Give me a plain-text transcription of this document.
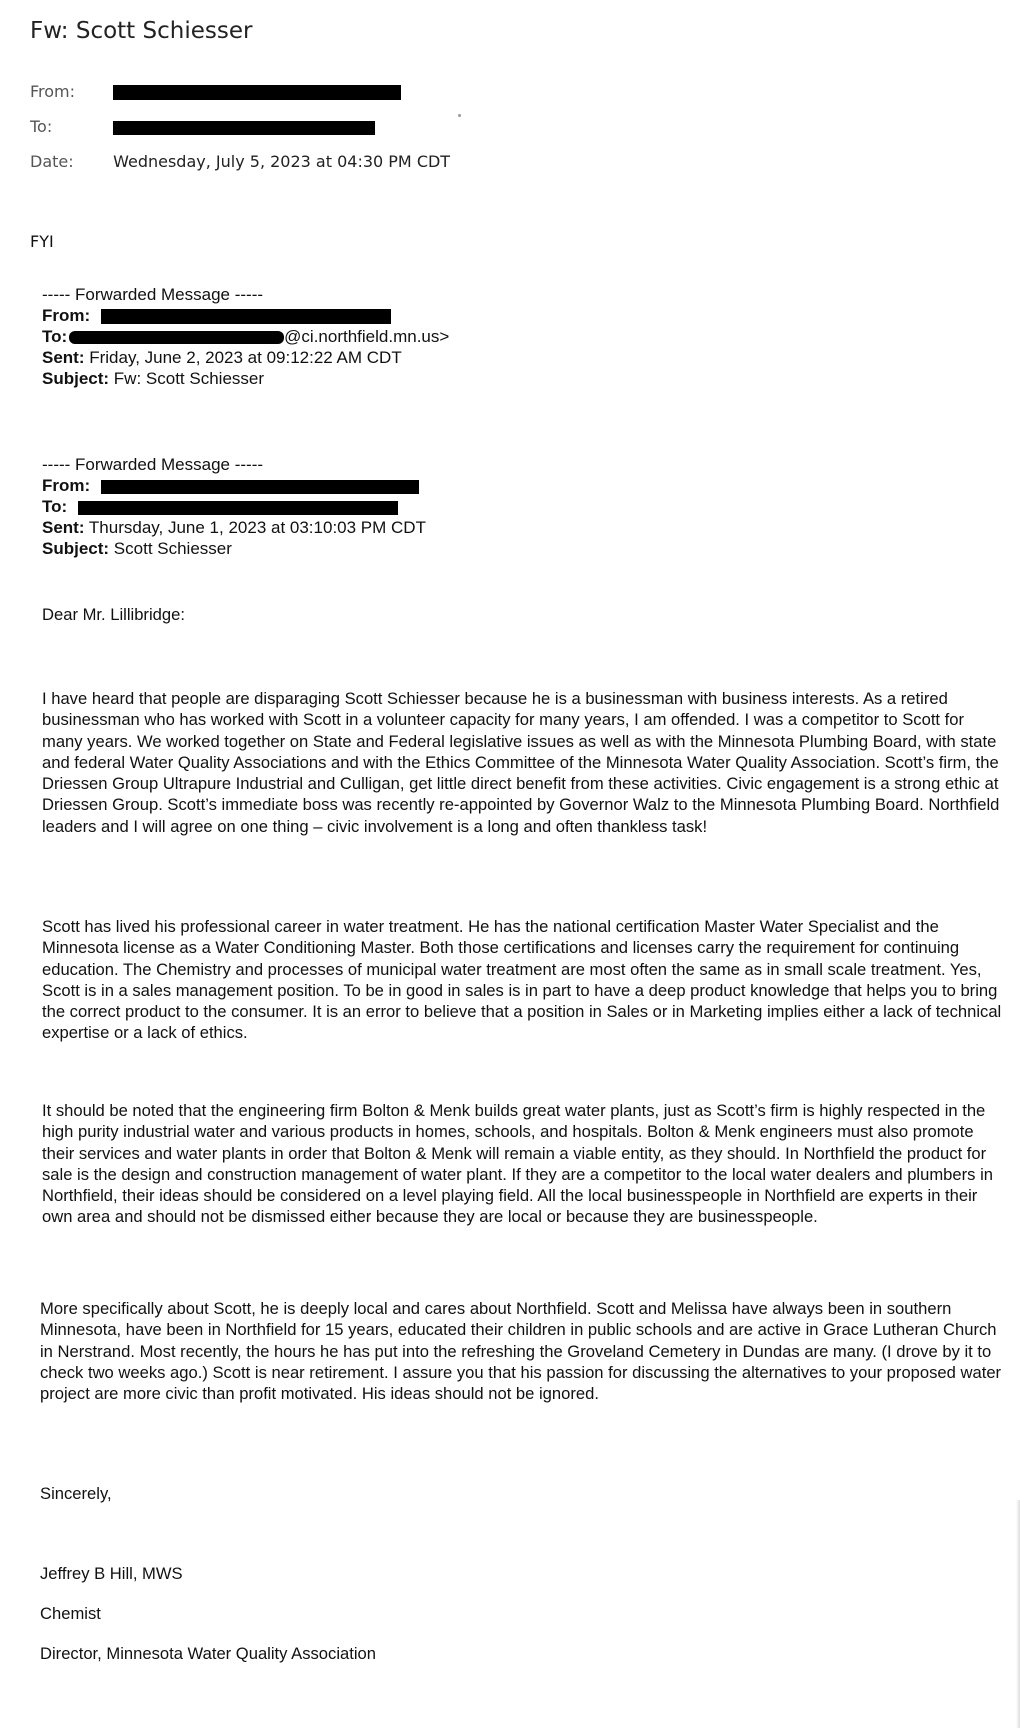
Fw: Scott Schiesser
From:
To:
Date: Wednesday, July 5, 2023 at 04:30 PM CDT
FYI
----- Forwarded Message -----
From:
To:	@ci.northfield.mn.us>
Sent: Friday, June 2, 2023 at 09:12:22 AM CDT
Subject: Fw: Scott Schiesser
----- Forwarded Message -----
From:
To:
Sent: Thursday, June 1, 2023 at 03:10:03 PM CDT
Subject: Scott Schiesser
Dear Mr. Lillibridge:
I have heard that people are disparaging Scott Schiesser because he is a businessman with business interests. As a retired businessman who has worked with Scott in a volunteer capacity for many years, I am offended. I was a competitor to Scott for many years. We worked together on State and Federal legislative issues as well as with the Minnesota Plumbing Board, with state and federal Water Quality Associations and with the Ethics Committee of the Minnesota Water Quality Association. Scott’s firm, the Driessen Group Ultrapure Industrial and Culligan, get little direct benefit from these activities. Civic engagement is a strong ethic at Driessen Group. Scott’s immediate boss was recently re-appointed by Governor Walz to the Minnesota Plumbing Board. Northfield leaders and I will agree on one thing – civic involvement is a long and often thankless task!
Scott has lived his professional career in water treatment. He has the national certification Master Water Specialist and the Minnesota license as a Water Conditioning Master. Both those certifications and licenses carry the requirement for continuing education. The Chemistry and processes of municipal water treatment are most often the same as in small scale treatment. Yes, Scott is in a sales management position. To be in good in sales is in part to have a deep product knowledge that helps you to bring the correct product to the consumer. It is an error to believe that a position in Sales or in Marketing implies either a lack of technical expertise or a lack of ethics.
It should be noted that the engineering firm Bolton & Menk builds great water plants, just as Scott’s firm is highly respected in the high purity industrial water and various products in homes, schools, and hospitals. Bolton & Menk engineers must also promote their services and water plants in order that Bolton & Menk will remain a viable entity, as they should. In Northfield the product for sale is the design and construction management of water plant. If they are a competitor to the local water dealers and plumbers in Northfield, their ideas should be considered on a level playing field. All the local businesspeople in Northfield are experts in their own area and should not be dismissed either because they are local or because they are businesspeople.
More specifically about Scott, he is deeply local and cares about Northfield. Scott and Melissa have always been in southern Minnesota, have been in Northfield for 15 years, educated their children in public schools and are active in Grace Lutheran Church in Nerstrand. Most recently, the hours he has put into the refreshing the Groveland Cemetery in Dundas are many. (I drove by it to check two weeks ago.) Scott is near retirement. I assure you that his passion for discussing the alternatives to your proposed water project are more civic than profit motivated. His ideas should not be ignored.
Sincerely,
Jeffrey B Hill, MWS
Chemist
Director, Minnesota Water Quality Association
